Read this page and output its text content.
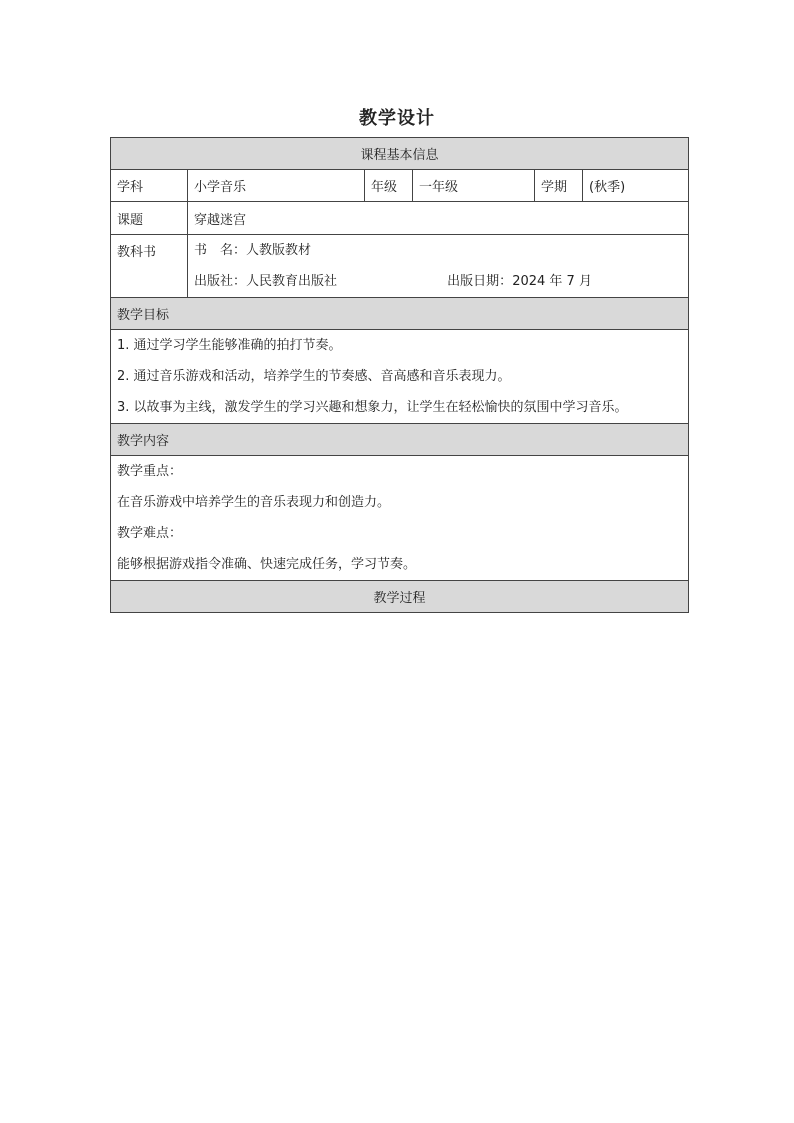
教学设计
课程基本信息					
学科	小学音乐	年级	一年级	学期	(秋季)
课题	穿越迷宫				
教科书	书　名：人教版教材
出版社：人民教育出版社 出版日期：2024 年 7 月				

教学目标					

1. 通过学习学生能够准确的拍打节奏。
2. 通过音乐游戏和活动，培养学生的节奏感、音高感和音乐表现力。
3. 以故事为主线，激发学生的学习兴趣和想象力，让学生在轻松愉快的氛围中学习音乐。					

教学内容					

教学重点：
在音乐游戏中培养学生的音乐表现力和创造力。
教学难点：
能够根据游戏指令准确、快速完成任务，学习节奏。					

教学过程					
